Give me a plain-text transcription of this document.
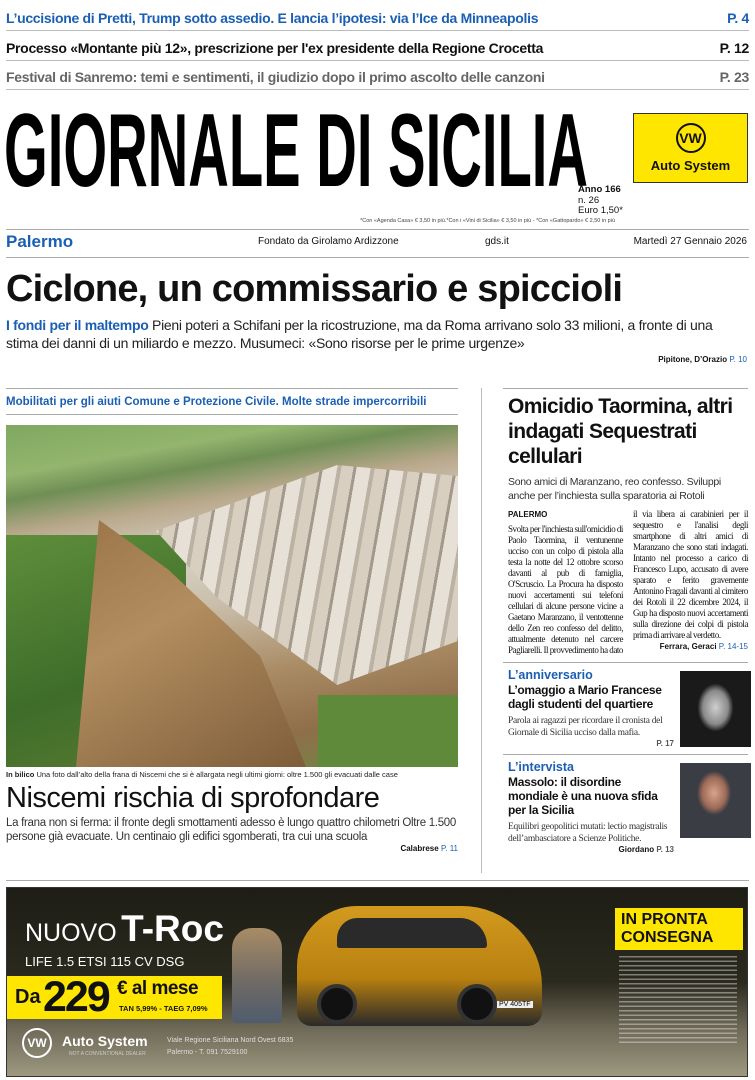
L’uccisione di Pretti, Trump sotto assedio. E lancia l’ipotesi: via l’Ice da Minneapolis	P. 4
Processo «Montante più 12», prescrizione per l'ex presidente della Regione Crocetta	P. 12
Festival di Sanremo: temi e sentimenti, il giudizio dopo il primo ascolto delle canzoni	P. 23
GIORNALE DI SICILIA	VW
Auto System
Anno 166
n. 26
Euro 1,50*
*Con «Agenda Casa» € 3,50 in più.*Con i «Vini di Sicilia» € 3,50 in più - *Con «Gattopardo» € 2,50 in più
Palermo	Fondato da Girolamo Ardizzone	gds.it	Martedì 27 Gennaio 2026
Ciclone, un commissario e spiccioli
I fondi per il maltempo Pieni poteri a Schifani per la ricostruzione, ma da Roma arrivano solo 33 milioni, a fronte di una stima dei danni di un miliardo e mezzo. Musumeci: «Sono risorse per le prime urgenze»
Pipitone, D’Orazio P. 10
Mobilitati per gli aiuti Comune e Protezione Civile. Molte strade impercorribili
In bilico Una foto dall’alto della frana di Niscemi che si è allargata negli ultimi giorni: oltre 1.500 gli evacuati dalle case
Niscemi rischia di sprofondare
La frana non si ferma: il fronte degli smottamenti adesso è lungo quattro chilometri Oltre 1.500 persone già evacuate. Un centinaio gli edifici sgomberati, tra cui una scuola
Calabrese P. 11
Omicidio Taormina, altri indagati Sequestrati cellulari
Sono amici di Maranzano, reo confesso. Sviluppi anche per l’inchiesta sulla sparatoria ai Rotoli
PALERMO
Svolta per l'inchiesta sull'omicidio di Paolo Taormina, il ventunenne ucciso con un colpo di pistola alla testa la notte del 12 ottobre scorso davanti al pub di famiglia, O'Scruscio. La Procura ha disposto nuovi accertamenti sui telefoni cellulari di alcune persone vicine a Gaetano Maranzano, il ventottenne dello Zen reo confesso del delitto, attualmente detenuto nel carcere Pagliarelli. Il provvedimento ha dato il via libera ai carabinieri per il sequestro e l'analisi degli smartphone di altri amici di Maranzano che sono stati indagati. Intanto nel processo a carico di Francesco Lupo, accusato di avere sparato e ferito gravemente Antonino Fragali davanti al cimitero dei Rotoli il 22 dicembre 2024, il Gup ha disposto nuovi accertamenti sulla direzione dei colpi di pistola prima di arrivare al verdetto.
Ferrara, Geraci P. 14-15
L’anniversario
L’omaggio a Mario Francese dagli studenti del quartiere
Parola ai ragazzi per ricordare il cronista del Giornale di Sicilia ucciso dalla mafia.
P. 17
L’intervista
Massolo: il disordine mondiale è una nuova sfida per la Sicilia
Equilibri geopolitici mutati: lectio magistralis dell’ambasciatore a Scienze Politiche.
Giordano P. 13
NUOVO T-Roc
LIFE 1.5 ETSI 115 CV DSG
Da 229 € al mese
TAN 5,99% - TAEG 7,09%	PV 405TF
VW	Auto System
NOT A CONVENTIONAL DEALER
Viale Regione Siciliana Nord Ovest 6835
Palermo - T. 091 7529100
IN PRONTA CONSEGNA
